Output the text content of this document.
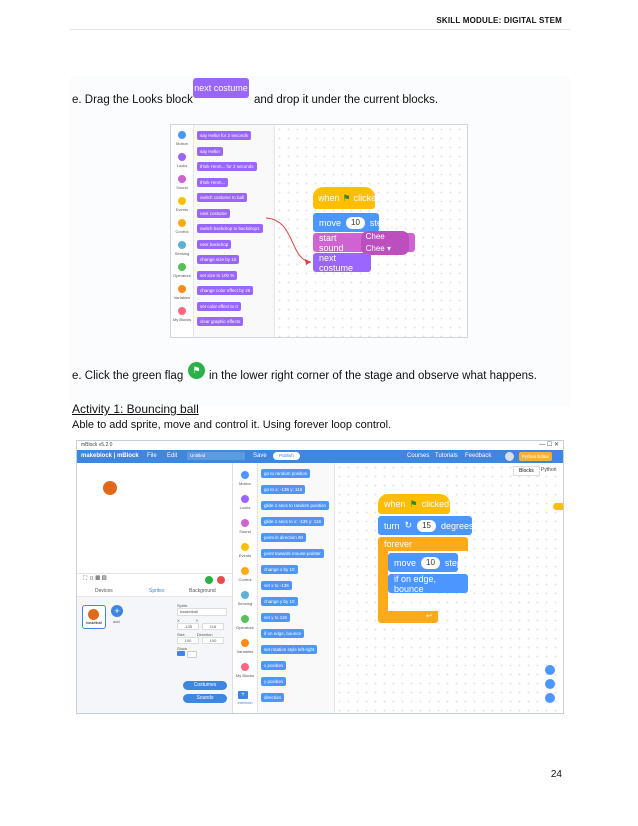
SKILL MODULE: DIGITAL STEM
e. Drag the Looks block
next costume
and drop it under the current blocks.
Motion
Looks
Sound
Events
Control
Sensing
Operators
Variables
My Blocks
say Hello! for 2 seconds
say Hello!
think Hmm... for 2 seconds
think Hmm...
switch costume to ball
next costume
switch backdrop to backdrop1
next backdrop
change size by 10
set size to 100 %
change color effect by 25
set color effect to 0
clear graphic effects
when ⚑ clicked
move	10	steps
start sound
Chee Chee ▾
next costume
e. Click the green flag	⚑ in the lower right corner of the stage and observe what happens.
Activity 1: Bouncing ball
Able to add sprite, move and control it. Using forever loop control.
mBlock v5.2.0	— ☐ ✕
makeblock | mBlock File Edit	Untitled	Save	Publish	Courses Tutorials Feedback	Python Editor
⛶ ▯ ▦ ▤
Devices	Sprites	Background
basketball
+
add
Sprite
basketball
X	Y
-135	116
Size	Direction
100	100
Show
Costumes
Sounds	+
extension
Motion
Looks
Sound
Events
Control
Sensing
Operators
Variables
My Blocks
go to random position
go to x: -135 y: 116
glide 1 secs to random position
glide 1 secs to x: -135 y: 116
point in direction 90
point towards mouse-pointer
change x by 10
set x to -135
change y by 10
set y to 116
if on edge, bounce
set rotation style left-right
x position
y position
direction
Blocks	Python
when ⚑ clicked
turn ↻	15	degrees
forever
↩
move	10	steps
if on edge, bounce
24
